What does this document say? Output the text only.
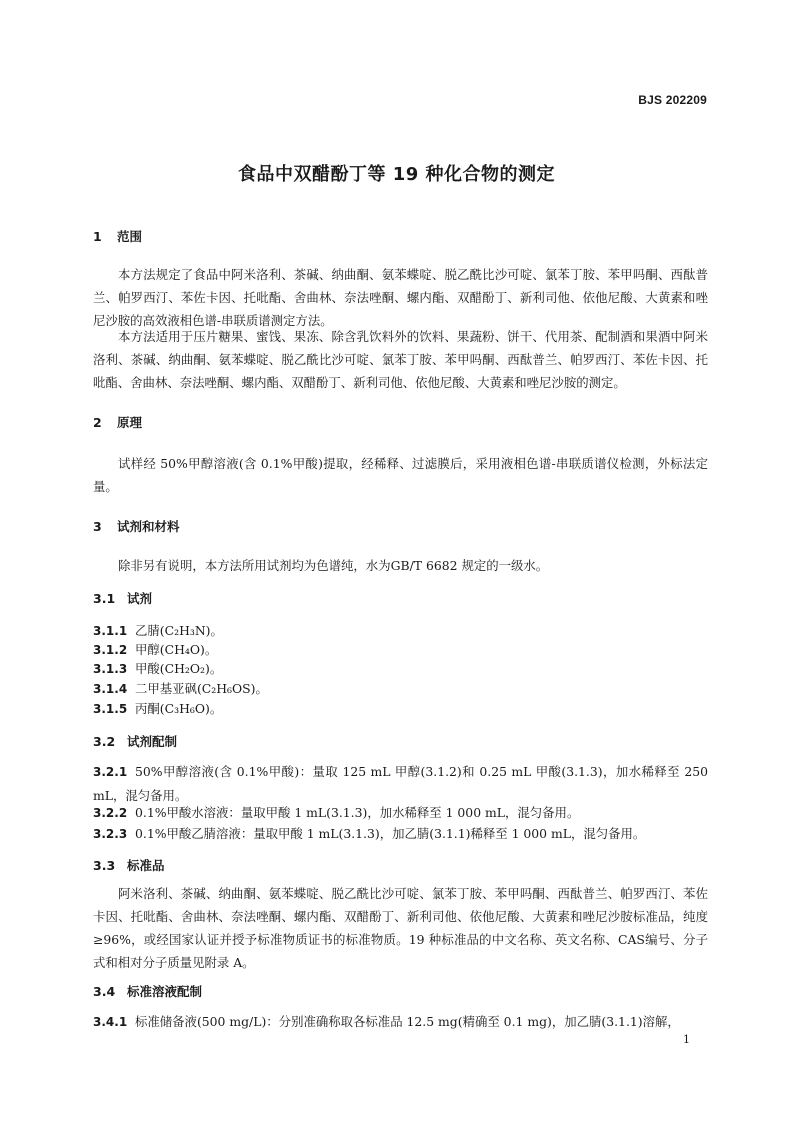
BJS 202209
食品中双醋酚丁等 19 种化合物的测定
1 范围
本方法规定了食品中阿米洛利、茶碱、纳曲酮、氨苯蝶啶、脱乙酰比沙可啶、氯苯丁胺、苯甲吗酮、西酞普兰、帕罗西汀、苯佐卡因、托吡酯、舍曲林、奈法唑酮、螺内酯、双醋酚丁、新利司他、依他尼酸、大黄素和唑尼沙胺的高效液相色谱-串联质谱测定方法。
本方法适用于压片糖果、蜜饯、果冻、除含乳饮料外的饮料、果蔬粉、饼干、代用茶、配制酒和果酒中阿米洛利、茶碱、纳曲酮、氨苯蝶啶、脱乙酰比沙可啶、氯苯丁胺、苯甲吗酮、西酞普兰、帕罗西汀、苯佐卡因、托吡酯、舍曲林、奈法唑酮、螺内酯、双醋酚丁、新利司他、依他尼酸、大黄素和唑尼沙胺的测定。
2 原理
试样经 50%甲醇溶液(含 0.1%甲酸)提取，经稀释、过滤膜后，采用液相色谱-串联质谱仪检测，外标法定量。
3 试剂和材料
除非另有说明，本方法所用试剂均为色谱纯，水为GB/T 6682 规定的一级水。
3.1 试剂
3.1.1 乙腈(C₂H₃N)。
3.1.2 甲醇(CH₄O)。
3.1.3 甲酸(CH₂O₂)。
3.1.4 二甲基亚砜(C₂H₆OS)。
3.1.5 丙酮(C₃H₆O)。
3.2 试剂配制
3.2.1 50%甲醇溶液(含 0.1%甲酸)：量取 125 mL 甲醇(3.1.2)和 0.25 mL 甲酸(3.1.3)，加水稀释至 250 mL，混匀备用。
3.2.2 0.1%甲酸水溶液：量取甲酸 1 mL(3.1.3)，加水稀释至 1 000 mL，混匀备用。
3.2.3 0.1%甲酸乙腈溶液：量取甲酸 1 mL(3.1.3)，加乙腈(3.1.1)稀释至 1 000 mL，混匀备用。
3.3 标准品
阿米洛利、茶碱、纳曲酮、氨苯蝶啶、脱乙酰比沙可啶、氯苯丁胺、苯甲吗酮、西酞普兰、帕罗西汀、苯佐卡因、托吡酯、舍曲林、奈法唑酮、螺内酯、双醋酚丁、新利司他、依他尼酸、大黄素和唑尼沙胺标准品，纯度≥96%，或经国家认证并授予标准物质证书的标准物质。19 种标准品的中文名称、英文名称、CAS编号、分子式和相对分子质量见附录 A。
3.4 标准溶液配制
3.4.1 标准储备液(500 mg/L)：分别准确称取各标准品 12.5 mg(精确至 0.1 mg)，加乙腈(3.1.1)溶解，
1
